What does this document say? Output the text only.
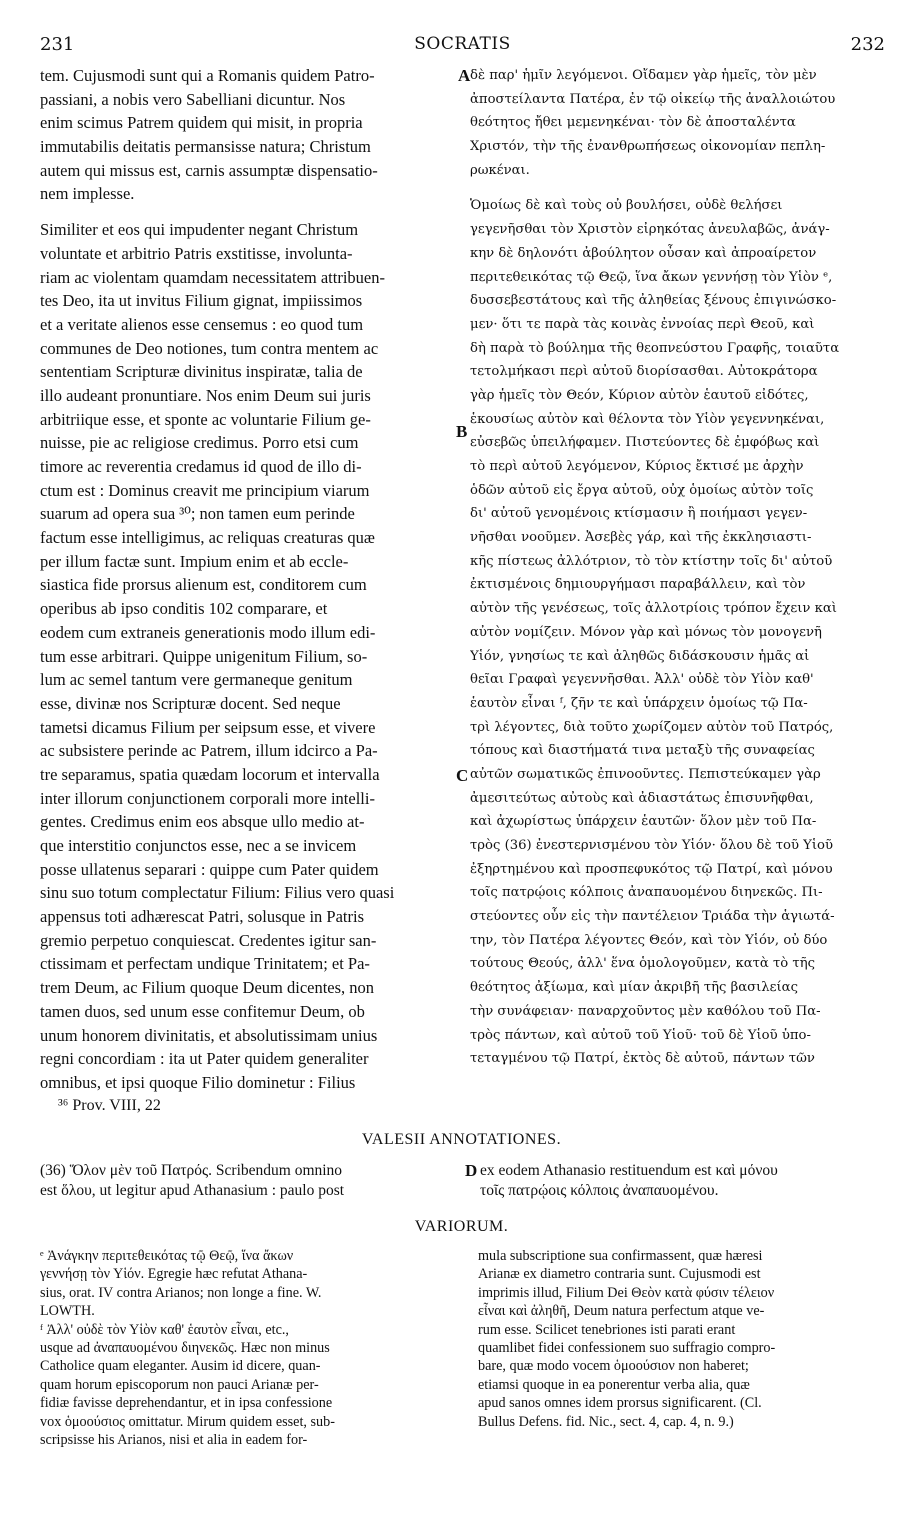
231	SOCRATIS	232
tem. Cujusmodi sunt qui a Romanis quidem Patro-
passiani, a nobis vero Sabelliani dicuntur. Nos
enim scimus Patrem quidem qui misit, in propria
immutabilis deitatis permansisse natura; Christum
autem qui missus est, carnis assumptæ dispensatio-
nem implesse.
Similiter et eos qui impudenter negant Christum
voluntate et arbitrio Patris exstitisse, involunta-
riam ac violentam quamdam necessitatem attribuen-
tes Deo, ita ut invitus Filium gignat, impiissimos
et a veritate alienos esse censemus : eo quod tum
communes de Deo notiones, tum contra mentem ac
sententiam Scripturæ divinitus inspiratæ, talia de
illo audeant pronuntiare. Nos enim Deum sui juris
arbitriique esse, et sponte ac voluntarie Filium ge-
nuisse, pie ac religiose credimus. Porro etsi cum
timore ac reverentia credamus id quod de illo di-
ctum est : Dominus creavit me principium viarum
suarum ad opera sua ³⁰; non tamen eum perinde
factum esse intelligimus, ac reliquas creaturas quæ
per illum factæ sunt. Impium enim et ab eccle-
siastica fide prorsus alienum est, conditorem cum
operibus ab ipso conditis 102 comparare, et
eodem cum extraneis generationis modo illum edi-
tum esse arbitrari. Quippe unigenitum Filium, so-
lum ac semel tantum vere germaneque genitum
esse, divinæ nos Scripturæ docent. Sed neque
tametsi dicamus Filium per seipsum esse, et vivere
ac subsistere perinde ac Patrem, illum idcirco a Pa-
tre separamus, spatia quædam locorum et intervalla
inter illorum conjunctionem corporali more intelli-
gentes. Credimus enim eos absque ullo medio at-
que interstitio conjunctos esse, nec a se invicem
posse ullatenus separari : quippe cum Pater quidem
sinu suo totum complectatur Filium: Filius vero quasi
appensus toti adhærescat Patri, solusque in Patris
gremio perpetuo conquiescat. Credentes igitur san-
ctissimam et perfectam undique Trinitatem; et Pa-
trem Deum, ac Filium quoque Deum dicentes, non
tamen duos, sed unum esse confitemur Deum, ob
unum honorem divinitatis, et absolutissimam unius
regni concordiam : ita ut Pater quidem generaliter
omnibus, et ipsi quoque Filio dominetur : Filius
δὲ παρ' ἡμῖν λεγόμενοι. Οἴδαμεν γὰρ ἡμεῖς, τὸν μὲν
ἀποστείλαντα Πατέρα, ἐν τῷ οἰκείῳ τῆς ἀναλλοιώτου
θεότητος ἤθει μεμενηκέναι· τὸν δὲ ἀποσταλέντα
Χριστόν, τὴν τῆς ἐνανθρωπήσεως οἰκονομίαν πεπλη-
ρωκέναι.
Ὁμοίως δὲ καὶ τοὺς οὐ βουλήσει, οὐδὲ θελήσει
γεγενῆσθαι τὸν Χριστὸν εἰρηκότας ἀνευλαβῶς, ἀνάγ-
κην δὲ δηλονότι ἀβούλητον οὖσαν καὶ ἀπροαίρετον
περιτεθεικότας τῷ Θεῷ, ἵνα ἄκων γεννήσῃ τὸν Υἱὸν ᵉ,
δυσσεβεστάτους καὶ τῆς ἀληθείας ξένους ἐπιγινώσκο-
μεν· ὅτι τε παρὰ τὰς κοινὰς ἐννοίας περὶ Θεοῦ, καὶ
δὴ παρὰ τὸ βούλημα τῆς θεοπνεύστου Γραφῆς, τοιαῦτα
τετολμήκασι περὶ αὐτοῦ διορίσασθαι. Αὐτοκράτορα
γὰρ ἡμεῖς τὸν Θεόν, Κύριον αὐτὸν ἑαυτοῦ εἰδότες,
ἑκουσίως αὐτὸν καὶ θέλοντα τὸν Υἱὸν γεγεννηκέναι,
εὐσεβῶς ὑπειλήφαμεν. Πιστεύοντες δὲ ἐμφόβως καὶ
τὸ περὶ αὐτοῦ λεγόμενον, Κύριος ἔκτισέ με ἀρχὴν
ὁδῶν αὐτοῦ εἰς ἔργα αὐτοῦ, οὐχ ὁμοίως αὐτὸν τοῖς
δι' αὐτοῦ γενομένοις κτίσμασιν ἢ ποιήμασι γεγεν-
νῆσθαι νοοῦμεν. Ἀσεβὲς γάρ, καὶ τῆς ἐκκλησιαστι-
κῆς πίστεως ἀλλότριον, τὸ τὸν κτίστην τοῖς δι' αὐτοῦ
ἐκτισμένοις δημιουργήμασι παραβάλλειν, καὶ τὸν
αὐτὸν τῆς γενέσεως, τοῖς ἀλλοτρίοις τρόπον ἔχειν καὶ
αὐτὸν νομίζειν. Μόνον γὰρ καὶ μόνως τὸν μονογενῆ
Υἱόν, γνησίως τε καὶ ἀληθῶς διδάσκουσιν ἡμᾶς αἱ
θεῖαι Γραφαὶ γεγεννῆσθαι. Ἀλλ' οὐδὲ τὸν Υἱὸν καθ'
ἑαυτὸν εἶναι ᶠ, ζῆν τε καὶ ὑπάρχειν ὁμοίως τῷ Πα-
τρὶ λέγοντες, διὰ τοῦτο χωρίζομεν αὐτὸν τοῦ Πατρός,
τόπους καὶ διαστήματά τινα μεταξὺ τῆς συναφείας
αὐτῶν σωματικῶς ἐπινοοῦντες. Πεπιστεύκαμεν γὰρ
ἀμεσιτεύτως αὐτοὺς καὶ ἀδιαστάτως ἐπισυνῆφθαι,
καὶ ἀχωρίστως ὑπάρχειν ἑαυτῶν· ὅλον μὲν τοῦ Πα-
τρὸς (36) ἐνεστερνισμένου τὸν Υἱόν· ὅλου δὲ τοῦ Υἱοῦ
ἐξηρτημένου καὶ προσπεφυκότος τῷ Πατρί, καὶ μόνου
τοῖς πατρῴοις κόλποις ἀναπαυομένου διηνεκῶς. Πι-
στεύοντες οὖν εἰς τὴν παντέλειον Τριάδα τὴν ἁγιωτά-
την, τὸν Πατέρα λέγοντες Θεόν, καὶ τὸν Υἱόν, οὐ δύο
τούτους Θεούς, ἀλλ' ἕνα ὁμολογοῦμεν, κατὰ τὸ τῆς
θεότητος ἀξίωμα, καὶ μίαν ἀκριβῆ τῆς βασιλείας
τὴν συνάφειαν· παναρχοῦντος μὲν καθόλου τοῦ Πα-
τρὸς πάντων, καὶ αὐτοῦ τοῦ Υἱοῦ· τοῦ δὲ Υἱοῦ ὑπο-
τεταγμένου τῷ Πατρί, ἐκτὸς δὲ αὐτοῦ, πάντων τῶν
A
B
C
³⁶ Prov. VIII, 22
VALESII ANNOTATIONES.
(36) Ὅλον μὲν τοῦ Πατρός. Scribendum omnino
est ὅλου, ut legitur apud Athanasium : paulo post
D ex eodem Athanasio restituendum est καὶ μόνου
τοῖς πατρῴοις κόλποις ἀναπαυομένου.
VARIORUM.
ᵉ Ἀνάγκην περιτεθεικότας τῷ Θεῷ, ἵνα ἄκων
γεννήσῃ τὸν Υἱόν. Egregie hæc refutat Athana-
sius, orat. IV contra Arianos; non longe a fine. W.
LOWTH.
ᶠ Ἀλλ' οὐδὲ τὸν Υἱὸν καθ' ἑαυτὸν εἶναι, etc.,
usque ad ἀναπαυομένου διηνεκῶς. Hæc non minus
Catholice quam eleganter. Ausim id dicere, quan-
quam horum episcoporum non pauci Arianæ per-
fidiæ favisse deprehendantur, et in ipsa confessione
vox ὁμοούσιος omittatur. Mirum quidem esset, sub-
scripsisse his Arianos, nisi et alia in eadem for-
mula subscriptione sua confirmassent, quæ hæresi
Arianæ ex diametro contraria sunt. Cujusmodi est
imprimis illud, Filium Dei Θεὸν κατὰ φύσιν τέλειον
εἶναι καὶ ἀληθῆ, Deum natura perfectum atque ve-
rum esse. Scilicet tenebriones isti parati erant
quamlibet fidei confessionem suo suffragio compro-
bare, quæ modo vocem ὁμοούσιον non haberet;
etiamsi quoque in ea ponerentur verba alia, quæ
apud sanos omnes idem prorsus significarent. (Cl.
Bullus Defens. fid. Nic., sect. 4, cap. 4, n. 9.)
